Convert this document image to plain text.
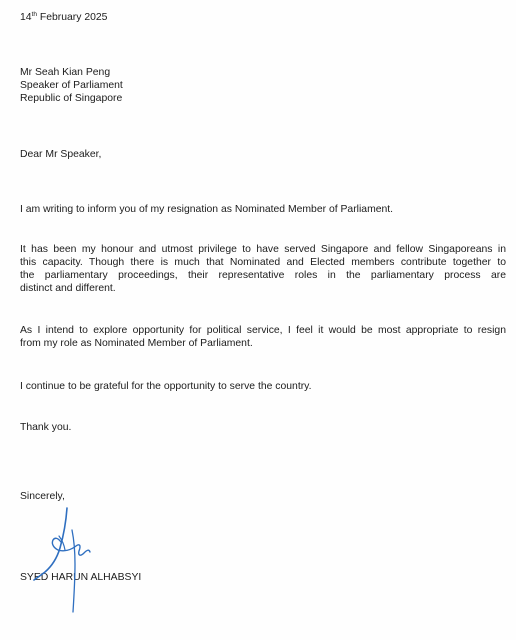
14th February 2025
Mr Seah Kian Peng
Speaker of Parliament
Republic of Singapore
Dear Mr Speaker,
I am writing to inform you of my resignation as Nominated Member of Parliament.
It has been my honour and utmost privilege to have served Singapore and fellow Singaporeans in
this capacity. Though there is much that Nominated and Elected members contribute together to
the parliamentary proceedings, their representative roles in the parliamentary process are
distinct and different.
As I intend to explore opportunity for political service, I feel it would be most appropriate to resign
from my role as Nominated Member of Parliament.
I continue to be grateful for the opportunity to serve the country.
Thank you.
Sincerely,
SYED HARUN ALHABSYI
